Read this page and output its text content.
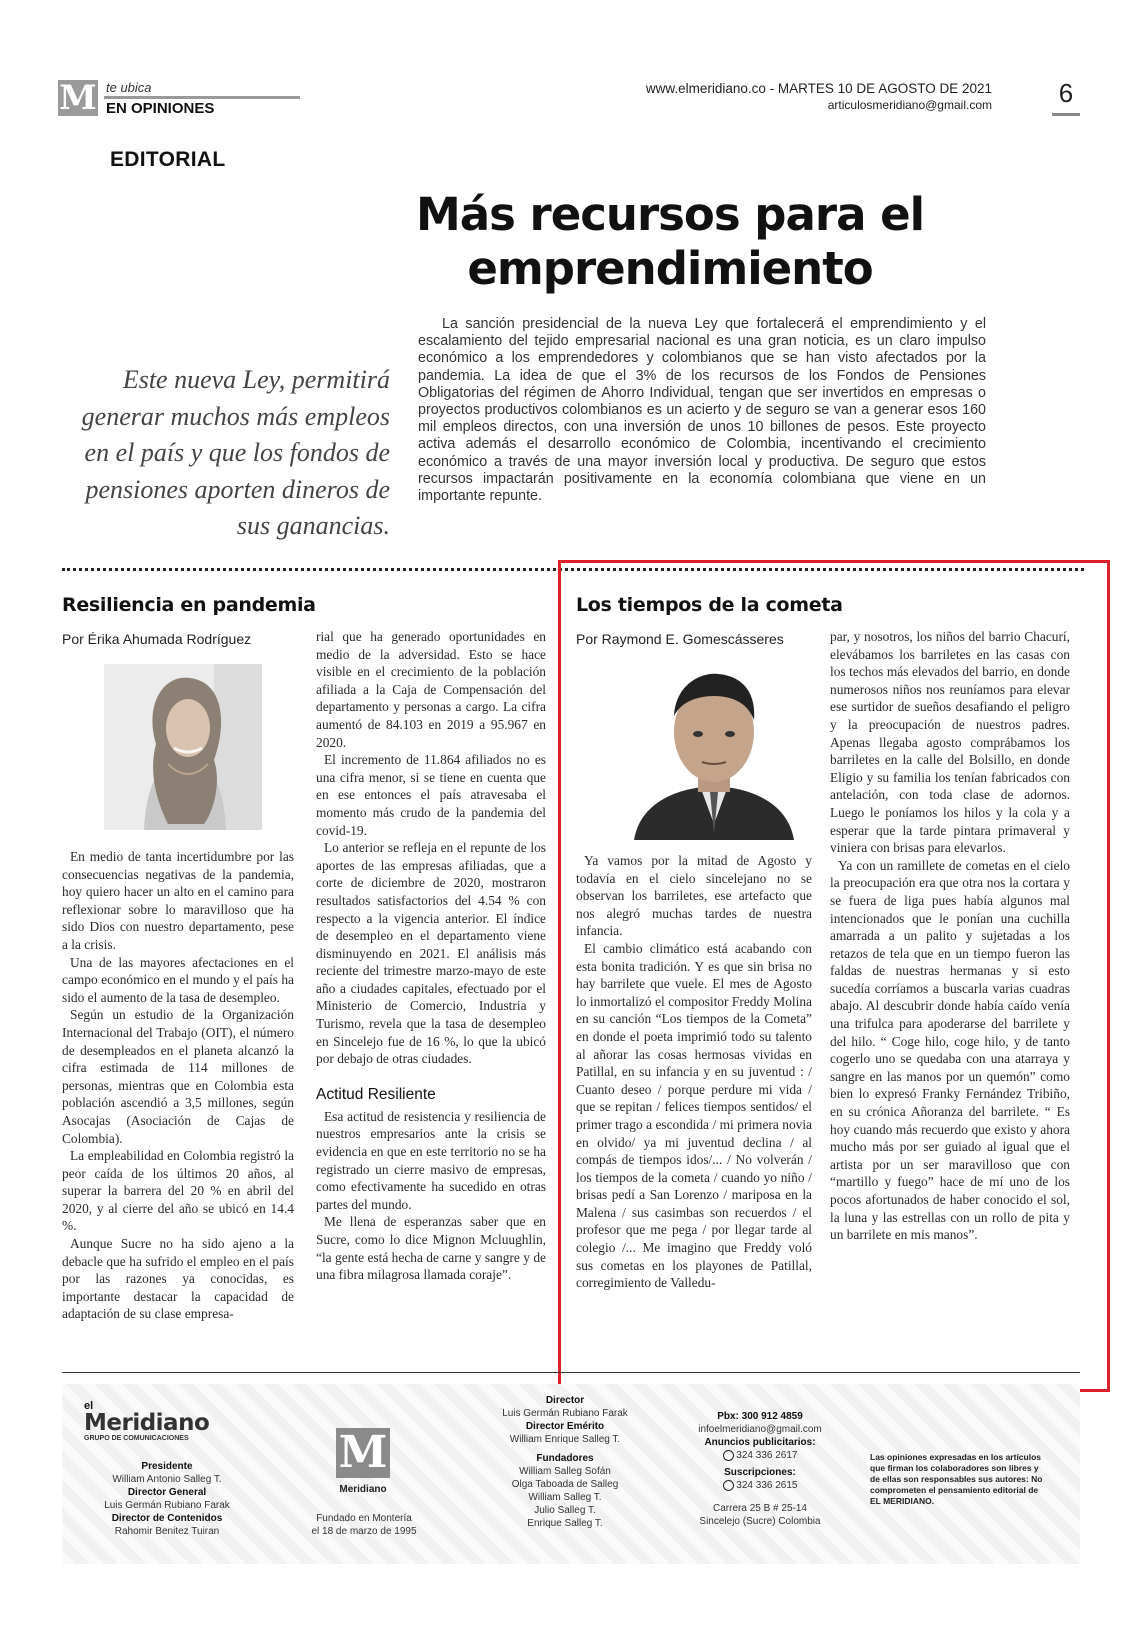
M te ubica
EN OPINIONES
www.elmeridiano.co - MARTES 10 DE AGOSTO DE 2021
articulosmeridiano@gmail.com	6
EDITORIAL
Más recursos para el
emprendimiento
Este nueva Ley, permitirá generar muchos más empleos en el país y que los fondos de pensiones aporten dineros de sus ganancias.
La sanción presidencial de la nueva Ley que fortalecerá el emprendimiento y el escalamiento del tejido empresarial nacional es una gran noticia, es un claro impulso económico a los emprendedores y colombianos que se han visto afectados por la pandemia. La idea de que el 3% de los recursos de los Fondos de Pensiones Obligatorias del régimen de Ahorro Individual, tengan que ser invertidos en empresas o proyectos productivos colombianos es un acierto y de seguro se van a generar esos 160 mil empleos directos, con una inversión de unos 10 billones de pesos. Este proyecto activa además el desarrollo económico de Colombia, incentivando el crecimiento económico a través de una mayor inversión local y productiva. De seguro que estos recursos impactarán positivamente en la economía colombiana que viene en un importante repunte.
Resiliencia en pandemia
Por Érika Ahumada Rodríguez

En medio de tanta incertidumbre por las consecuencias negativas de la pandemia, hoy quiero hacer un alto en el camino para reflexionar sobre lo maravilloso que ha sido Dios con nuestro departamento, pese a la crisis.

Una de las mayores afectaciones en el campo económico en el mundo y el país ha sido el aumento de la tasa de desempleo.

Según un estudio de la Organización Internacional del Trabajo (OIT), el número de desempleados en el planeta alcanzó la cifra estimada de 114 millones de personas, mientras que en Colombia esta población ascendió a 3,5 millones, según Asocajas (Asociación de Cajas de Colombia).

La empleabilidad en Colombia registró la peor caída de los últimos 20 años, al superar la barrera del 20 % en abril del 2020, y al cierre del año se ubicó en 14.4 %.

Aunque Sucre no ha sido ajeno a la debacle que ha sufrido el empleo en el país por las razones ya conocidas, es importante destacar la capacidad de adaptación de su clase empresa-

rial que ha generado oportunidades en medio de la adversidad. Esto se hace visible en el crecimiento de la población afiliada a la Caja de Compensación del departamento y personas a cargo. La cifra aumentó de 84.103 en 2019 a 95.967 en 2020.

El incremento de 11.864 afiliados no es una cifra menor, si se tiene en cuenta que en ese entonces el país atravesaba el momento más crudo de la pandemia del covid-19.

Lo anterior se refleja en el repunte de los aportes de las empresas afiliadas, que a corte de diciembre de 2020, mostraron resultados satisfactorios del 4.54 % con respecto a la vigencia anterior. El índice de desempleo en el departamento viene disminuyendo en 2021. El análisis más reciente del trimestre marzo-mayo de este año a ciudades capitales, efectuado por el Ministerio de Comercio, Industria y Turismo, revela que la tasa de desempleo en Sincelejo fue de 16 %, lo que la ubicó por debajo de otras ciudades.

Actitud Resiliente

Esa actitud de resistencia y resiliencia de nuestros empresarios ante la crisis se evidencia en que en este territorio no se ha registrado un cierre masivo de empresas, como efectivamente ha sucedido en otras partes del mundo.

Me llena de esperanzas saber que en Sucre, como lo dice Mignon Mcluughlin, “la gente está hecha de carne y sangre y de una fibra milagrosa llamada coraje”.

Los tiempos de la cometa
Por Raymond E. Gomescásseres

Ya vamos por la mitad de Agosto y todavía en el cielo sincelejano no se observan los barriletes, ese artefacto que nos alegró muchas tardes de nuestra infancia.

El cambio climático está acabando con esta bonita tradición. Y es que sin brisa no hay barrilete que vuele. El mes de Agosto lo inmortalizó el compositor Freddy Molina en su canción “Los tiempos de la Cometa” en donde el poeta imprimió todo su talento al añorar las cosas hermosas vividas en Patillal, en su infancia y en su juventud : / Cuanto deseo / porque perdure mi vida / que se repitan / felices tiempos sentidos/ el primer trago a escondida / mi primera novia en olvido/ ya mi juventud declina / al compás de tiempos idos/... / No volverán / los tiempos de la cometa / cuando yo niño / brisas pedí a San Lorenzo / mariposa en la Malena / sus casimbas son recuerdos / el profesor que me pega / por llegar tarde al colegio /... Me imagino que Freddy voló sus cometas en los playones de Patillal, corregimiento de Valledu-

par, y nosotros, los niños del barrio Chacurí, elevábamos los barriletes en las casas con los techos más elevados del barrio, en donde numerosos niños nos reuníamos para elevar ese surtidor de sueños desafiando el peligro y la preocupación de nuestros padres. Apenas llegaba agosto comprábamos los barriletes en la calle del Bolsillo, en donde Eligio y su familia los tenían fabricados con antelación, con toda clase de adornos. Luego le poníamos los hilos y la cola y a esperar que la tarde pintara primaveral y viniera con brisas para elevarlos.

Ya con un ramillete de cometas en el cielo la preocupación era que otra nos la cortara y se fuera de liga pues había algunos mal intencionados que le ponían una cuchilla amarrada a un palito y sujetadas a los retazos de tela que en un tiempo fueron las faldas de nuestras hermanas y si esto sucedía corríamos a buscarla varias cuadras abajo. Al descubrir donde había caído venía una trifulca para apoderarse del barrilete y del hilo. “ Coge hilo, coge hilo, y de tanto cogerlo uno se quedaba con una atarraya y sangre en las manos por un quemón” como bien lo expresó Franky Fernández Tribiño, en su crónica Añoranza del barrilete. “ Es hoy cuando más recuerdo que existo y ahora mucho más por ser guiado al igual que el artista por un ser maravilloso que con “martillo y fuego” hace de mí uno de los pocos afortunados de haber conocido el sol, la luna y las estrellas con un rollo de pita y un barrilete en mis manos”.

el
Meridiano
GRUPO DE COMUNICACIONES
Presidente
William Antonio Salleg T.
Director General
Luis Germán Rubiano Farak
Director de Contenidos
Rahomir Benitez Tuiran
M
Meridiano
Fundado en Montería
el 18 de marzo de 1995
Director
Luis Germán Rubiano Farak
Director Emérito
William Enrique Salleg T.
Fundadores
William Salleg Sofán
Olga Taboada de Salleg
William Salleg T.
Julio Salleg T.
Enrique Salleg T.
Pbx: 300 912 4859
infoelmeridiano@gmail.com
Anuncios publicitarios:
324 336 2617
Suscripciones:
324 336 2615
Carrera 25 B # 25-14
Sincelejo (Sucre) Colombia
Las opiniones expresadas en los artículos que firman los colaboradores son libres y de ellas son responsables sus autores: No comprometen el pensamiento editorial de EL MERIDIANO.
